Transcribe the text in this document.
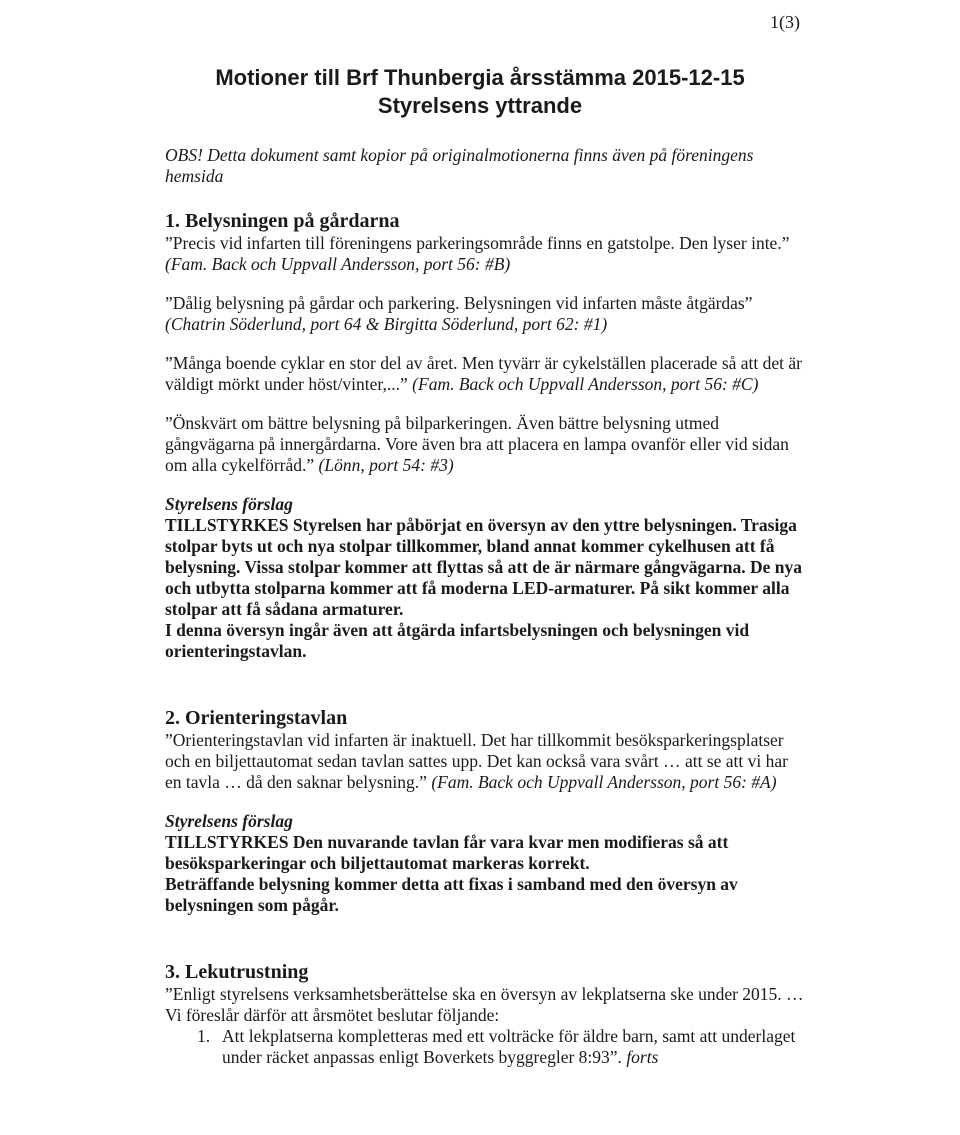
1(3)
Motioner till Brf Thunbergia årsstämma 2015-12-15
Styrelsens yttrande

OBS! Detta dokument samt kopior på originalmotionerna finns även på föreningens hemsida

1. Belysningen på gårdarna

”Precis vid infarten till föreningens parkeringsområde finns en gatstolpe. Den lyser inte.” (Fam. Back och Uppvall Andersson, port 56: #B)

”Dålig belysning på gårdar och parkering. Belysningen vid infarten måste åtgärdas” (Chatrin Söderlund, port 64 & Birgitta Söderlund, port 62: #1)

”Många boende cyklar en stor del av året. Men tyvärr är cykelställen placerade så att det är väldigt mörkt under höst/vinter,...” (Fam. Back och Uppvall Andersson, port 56: #C)

”Önskvärt om bättre belysning på bilparkeringen. Även bättre belysning utmed gångvägarna på innergårdarna. Vore även bra att placera en lampa ovanför eller vid sidan om alla cykelförråd.” (Lönn, port 54: #3)

Styrelsens förslag

TILLSTYRKES Styrelsen har påbörjat en översyn av den yttre belysningen. Trasiga stolpar byts ut och nya stolpar tillkommer, bland annat kommer cykelhusen att få belysning. Vissa stolpar kommer att flyttas så att de är närmare gångvägarna. De nya och utbytta stolparna kommer att få moderna LED-armaturer. På sikt kommer alla stolpar att få sådana armaturer.

I denna översyn ingår även att åtgärda infartsbelysningen och belysningen vid orienteringstavlan.

2. Orienteringstavlan

”Orienteringstavlan vid infarten är inaktuell. Det har tillkommit besöksparkeringsplatser och en biljettautomat sedan tavlan sattes upp. Det kan också vara svårt … att se att vi har en tavla … då den saknar belysning.” (Fam. Back och Uppvall Andersson, port 56: #A)

Styrelsens förslag

TILLSTYRKES Den nuvarande tavlan får vara kvar men modifieras så att besöksparkeringar och biljettautomat markeras korrekt.

Beträffande belysning kommer detta att fixas i samband med den översyn av belysningen som pågår.

3. Lekutrustning

”Enligt styrelsens verksamhetsberättelse ska en översyn av lekplatserna ske under 2015. … Vi föreslår därför att årsmötet beslutar följande:

1. Att lekplatserna kompletteras med ett volträcke för äldre barn, samt att underlaget under räcket anpassas enligt Boverkets byggregler 8:93”. forts
